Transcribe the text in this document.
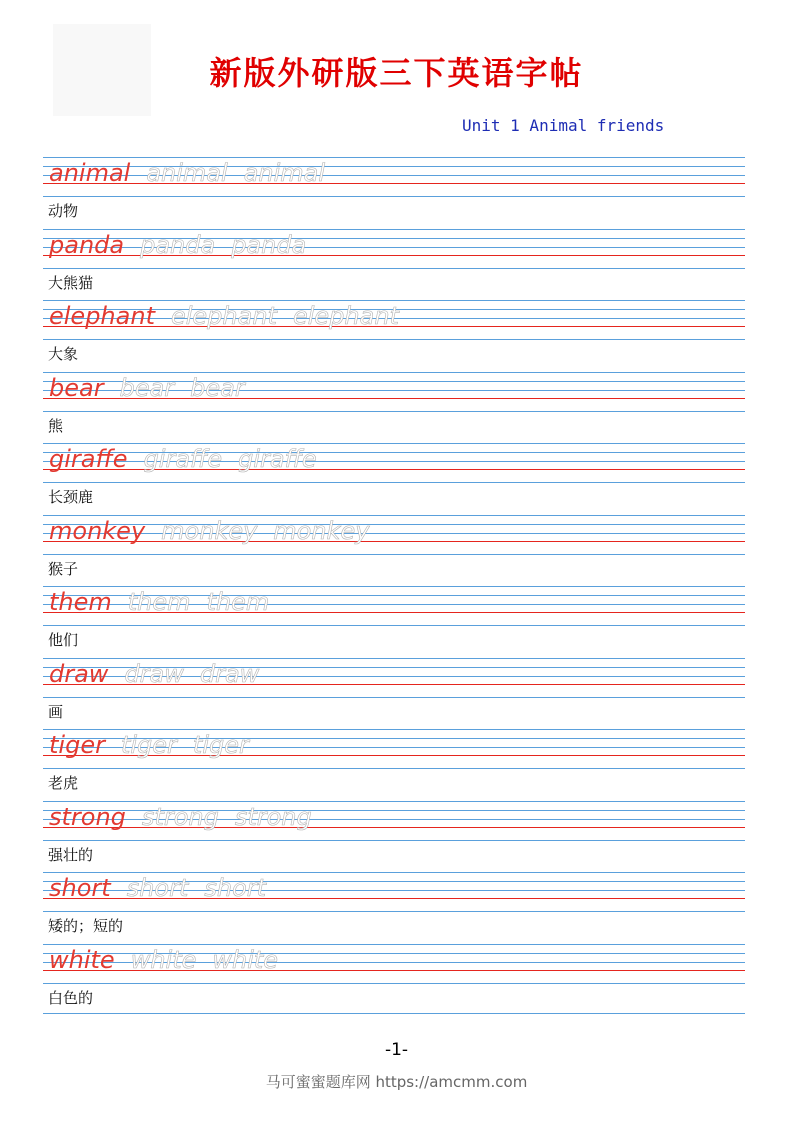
新版外研版三下英语字帖
Unit 1 Animal friends
animal animal animal
动物
panda panda panda
大熊猫
elephant elephant elephant
大象
bear bear bear
熊
giraffe giraffe giraffe
长颈鹿
monkey monkey monkey
猴子
them them them
他们
draw draw draw
画
tiger tiger tiger
老虎
strong strong strong
强壮的
short short short
矮的；短的
white white white
白色的
-1-
马可蜜蜜题库网 https://amcmm.com
